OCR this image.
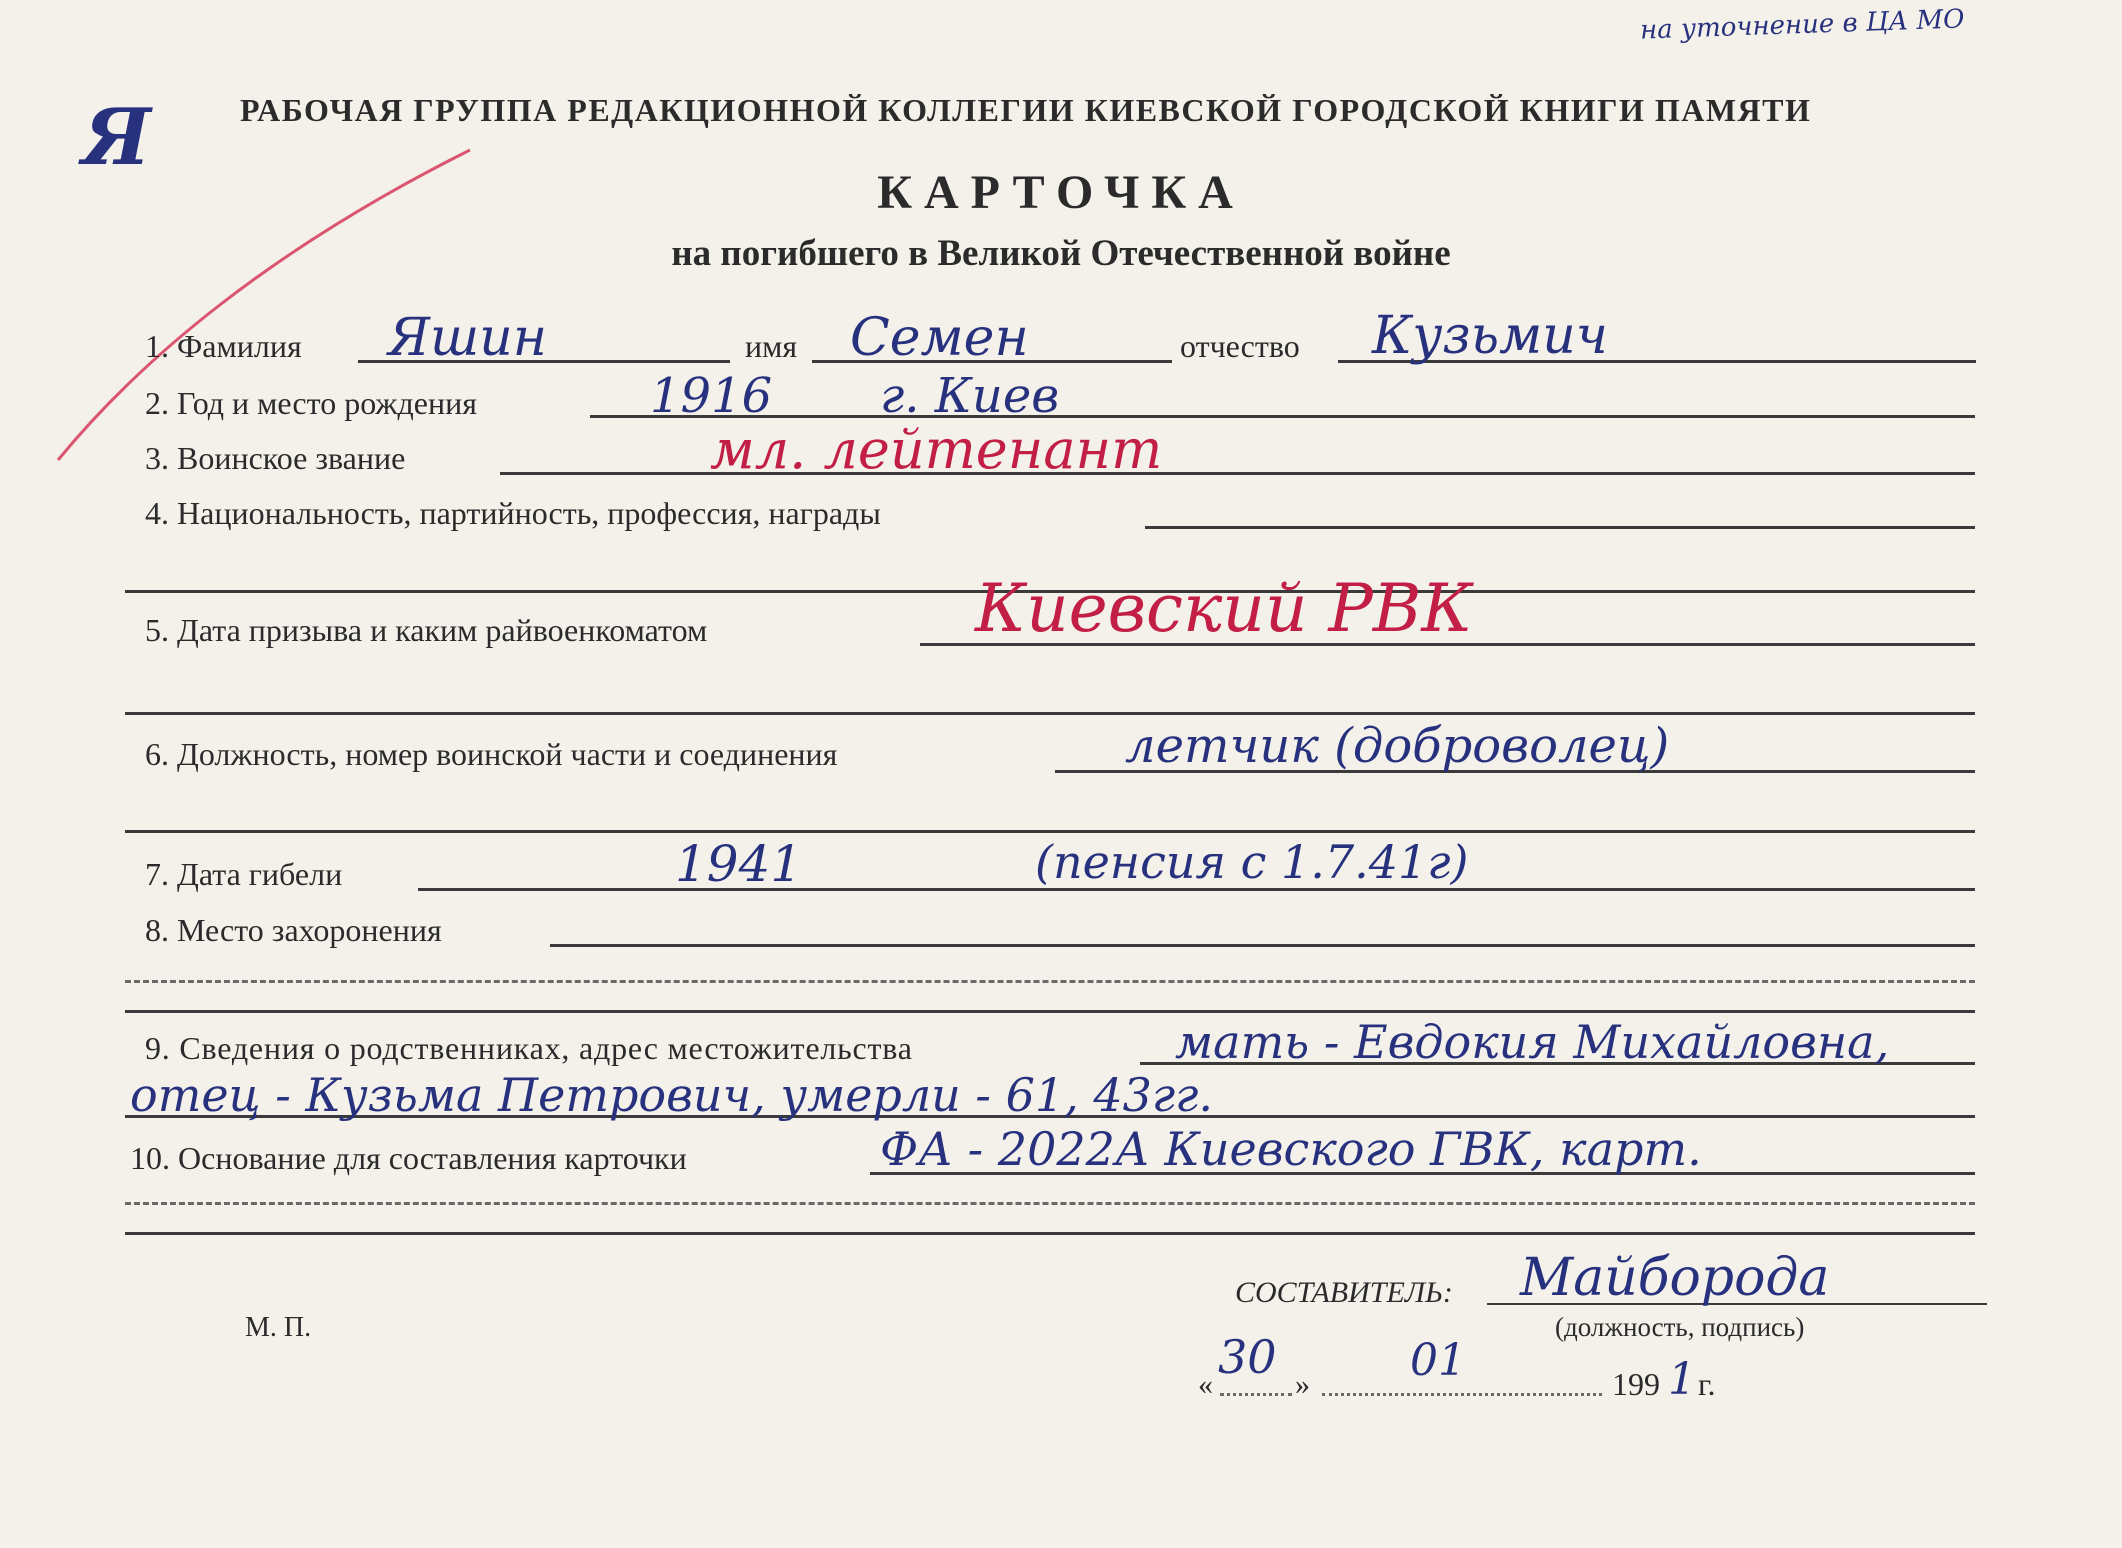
на уточнение в ЦА МО
Я	РАБОЧАЯ ГРУППА РЕДАКЦИОННОЙ КОЛЛЕГИИ КИЕВСКОЙ ГОРОДСКОЙ КНИГИ ПАМЯТИ
КАРТОЧКА
на погибшего в Великой Отечественной войне
1. Фамилия Яшин	имя Семен	отчество Кузьмич
2. Год и место рождения	1916 г. Киев
3. Воинское звание	мл. лейтенант
4. Национальность, партийность, профессия, награды
5. Дата призыва и каким райвоенкоматом	Киевский РВК
6. Должность, номер воинской части и соединения	летчик (доброволец)
7. Дата гибели	1941	(пенсия с 1.7.41г)
8. Место захоронения
9. Сведения о родственниках, адрес местожительства	мать - Евдокия Михайловна,
отец - Кузьма Петрович, умерли - 61, 43гг.
10. Основание для составления карточки	ФА - 2022А Киевского ГВК, карт.
М. П.
СОСТАВИТЕЛЬ: Майборода
(должность, подпись)
«
30
» 01	199 1 г.
